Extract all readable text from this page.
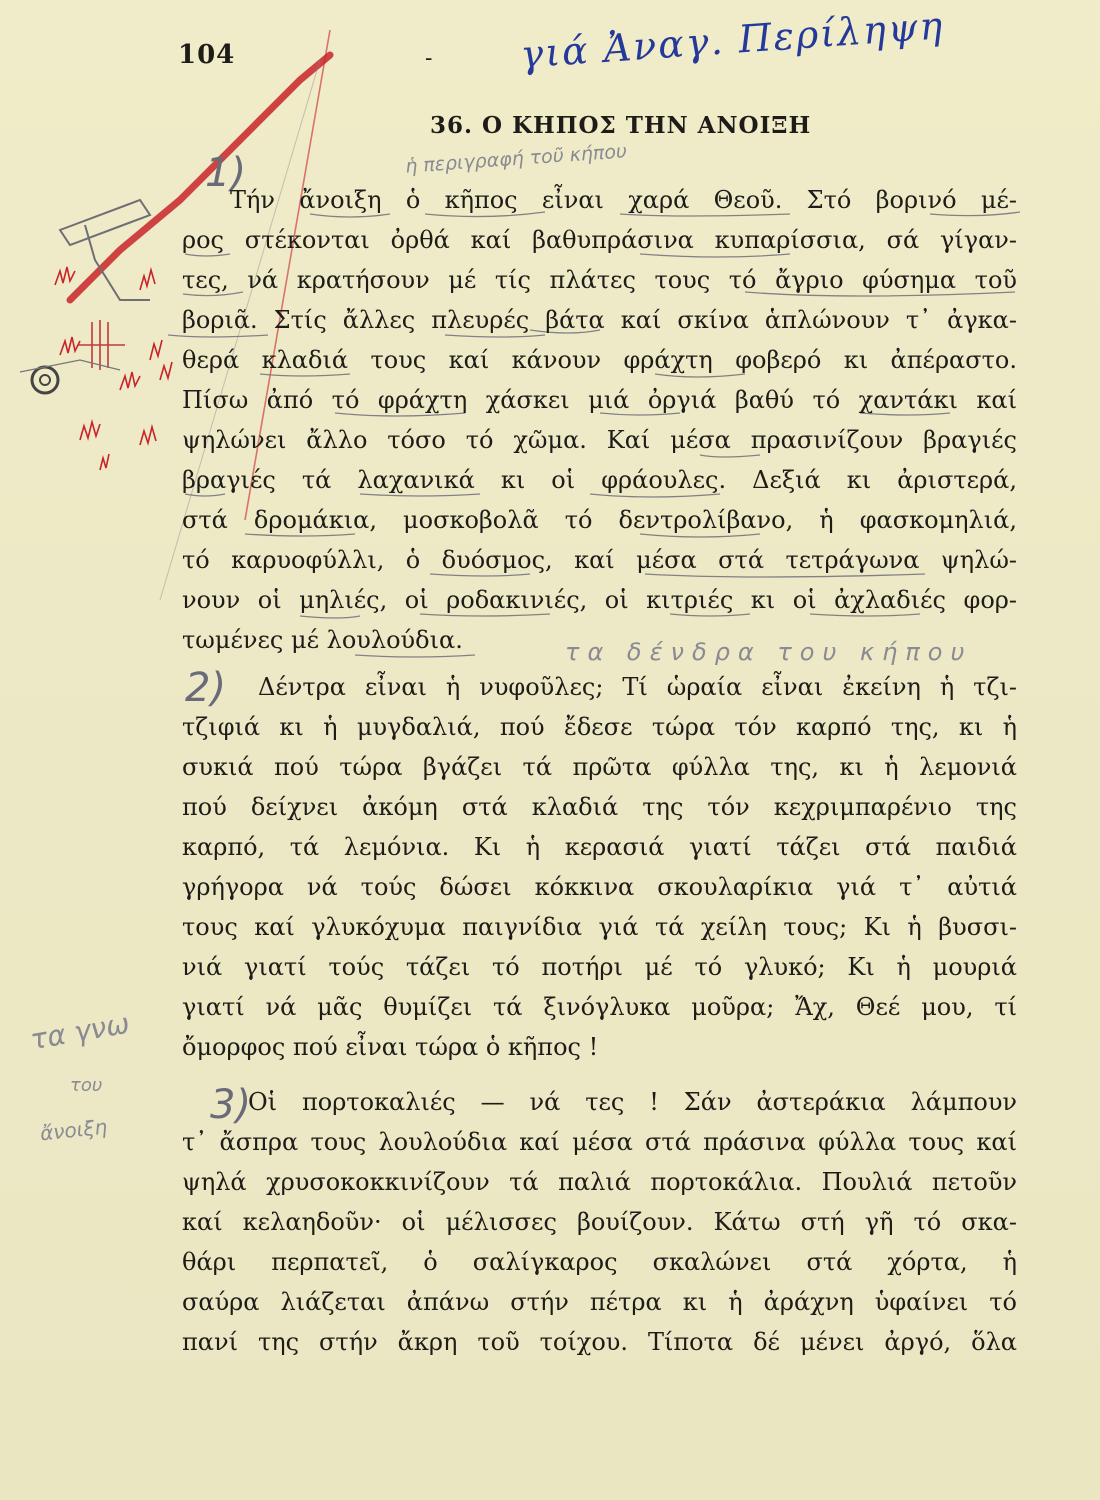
104	- γιά Ἀναγ. Περίληψη
36. Ο ΚΗΠΟΣ ΤΗΝ ΑΝΟΙΞΗ
1)
2)
3)
ἡ περιγραφή τοῦ κήπου
τα δένδρα του κήπου
τα γνω
του
ἄνοιξη
Τήν ἄνοιξη ὁ κῆπος εἶναι χαρά Θεοῦ. Στό βορινό μέ-
ρος στέκονται ὀρθά καί βαθυπράσινα κυπαρίσσια, σά γίγαν-
τες, νά κρατήσουν μέ τίς πλάτες τους τό ἄγριο φύσημα τοῦ
βοριᾶ. Στίς ἄλλες πλευρές βάτα καί σκίνα ἁπλώνουν τ᾽ ἀγκα-
θερά κλαδιά τους καί κάνουν φράχτη φοβερό κι ἀπέραστο.
Πίσω ἀπό τό φράχτη χάσκει μιά ὀργιά βαθύ τό χαντάκι καί
ψηλώνει ἄλλο τόσο τό χῶμα. Καί μέσα πρασινίζουν βραγιές
βραγιές τά λαχανικά κι οἱ φράουλες. Δεξιά κι ἀριστερά,
στά δρομάκια, μοσκοβολᾶ τό δεντρολίβανο, ἡ φασκομηλιά,
τό καρυοφύλλι, ὁ δυόσμος, καί μέσα στά τετράγωνα ψηλώ-
νουν οἱ μηλιές, οἱ ροδακινιές, οἱ κιτριές κι οἱ ἀχλαδιές φορ-
τωμένες μέ λουλούδια.
Δέντρα εἶναι ἡ νυφοῦλες; Τί ὡραία εἶναι ἐκείνη ἡ τζι-
τζιφιά κι ἡ μυγδαλιά, πού ἔδεσε τώρα τόν καρπό της, κι ἡ
συκιά πού τώρα βγάζει τά πρῶτα φύλλα της, κι ἡ λεμονιά
πού δείχνει ἀκόμη στά κλαδιά της τόν κεχριμπαρένιο της
καρπό, τά λεμόνια. Κι ἡ κερασιά γιατί τάζει στά παιδιά
γρήγορα νά τούς δώσει κόκκινα σκουλαρίκια γιά τ᾽ αὐτιά
τους καί γλυκόχυμα παιγνίδια γιά τά χείλη τους; Κι ἡ βυσσι-
νιά γιατί τούς τάζει τό ποτήρι μέ τό γλυκό; Κι ἡ μουριά
γιατί νά μᾶς θυμίζει τά ξινόγλυκα μοῦρα; Ἄχ, Θεέ μου, τί
ὄμορφος πού εἶναι τώρα ὁ κῆπος !
Οἱ πορτοκαλιές — νά τες ! Σάν ἀστεράκια λάμπουν
τ᾽ ἄσπρα τους λουλούδια καί μέσα στά πράσινα φύλλα τους καί
ψηλά χρυσοκοκκινίζουν τά παλιά πορτοκάλια. Πουλιά πετοῦν
καί κελαηδοῦν· οἱ μέλισσες βουίζουν. Κάτω στή γῆ τό σκα-
θάρι περπατεῖ, ὁ σαλίγκαρος σκαλώνει στά χόρτα, ἡ
σαύρα λιάζεται ἀπάνω στήν πέτρα κι ἡ ἀράχνη ὑφαίνει τό
πανί της στήν ἄκρη τοῦ τοίχου. Τίποτα δέ μένει ἀργό, ὅλα
